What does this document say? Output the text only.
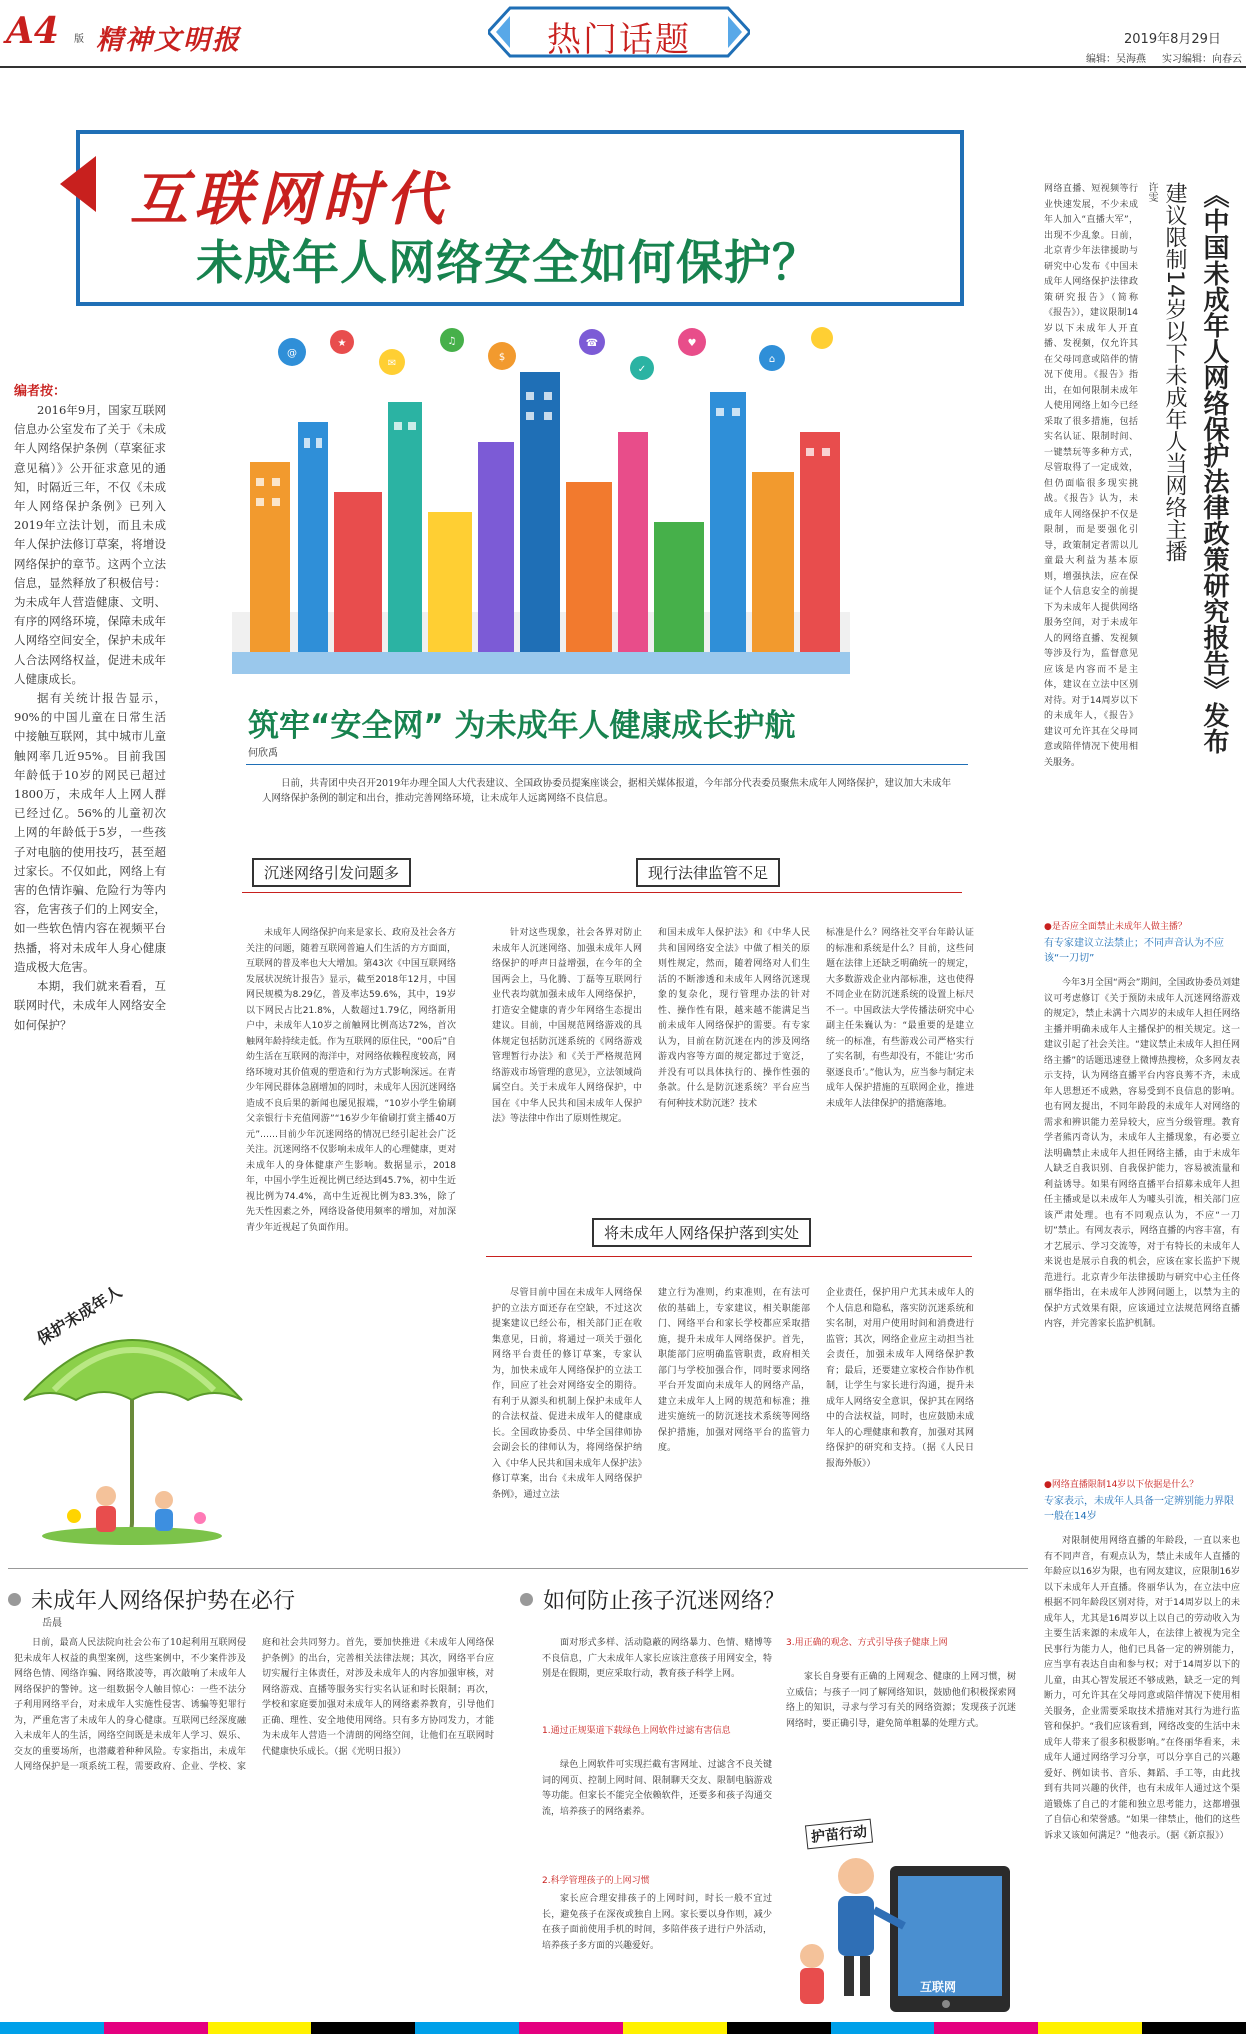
A4 版 精神文明报	热门话题	2019年8月29日
编辑：吴海燕 实习编辑：向春云
互联网时代
未成年人网络安全如何保护？
编者按：
2016年9月，国家互联网信息办公室发布了关于《未成年人网络保护条例（草案征求意见稿）》公开征求意见的通知，时隔近三年，不仅《未成年人网络保护条例》已列入2019年立法计划，而且未成年人保护法修订草案，将增设网络保护的章节。这两个立法信息，显然释放了积极信号：为未成年人营造健康、文明、有序的网络环境，保障未成年人网络空间安全，保护未成年人合法网络权益，促进未成年人健康成长。
据有关统计报告显示，90%的中国儿童在日常生活中接触互联网，其中城市儿童触网率几近95%。目前我国年龄低于10岁的网民已超过1800万，未成年人上网人群已经过亿。56%的儿童初次上网的年龄低于5岁，一些孩子对电脑的使用技巧，甚至超过家长。不仅如此，网络上有害的色情诈骗、危险行为等内容，危害孩子们的上网安全，如一些软色情内容在视频平台热播，将对未成年人身心健康造成极大危害。
本期，我们就来看看，互联网时代，未成年人网络安全如何保护？
保护未成年人
@
★
✉
♫
$
☎
✓
♥
⌂
筑牢“安全网” 为未成年人健康成长护航
何欣禹
日前，共青团中央召开2019年办理全国人大代表建议、全国政协委员提案座谈会，据相关媒体报道，今年部分代表委员聚焦未成年人网络保护，建议加大未成年人网络保护条例的制定和出台，推动完善网络环境，让未成年人远离网络不良信息。
沉迷网络引发问题多	现行法律监管不足
未成年人网络保护向来是家长、政府及社会各方关注的问题，随着互联网普遍人们生活的方方面面，互联网的普及率也大大增加。第43次《中国互联网络发展状况统计报告》显示，截至2018年12月，中国网民规模为8.29亿，普及率达59.6%，其中，19岁以下网民占比21.8%，人数超过1.79亿，网络新用户中，未成年人10岁之前触网比例高达72%，首次触网年龄持续走低。作为互联网的原住民，“00后”自幼生活在互联网的海洋中，对网络依赖程度较高，网络环境对其价值观的塑造和行为方式影响深远。在青少年网民群体急剧增加的同时，未成年人因沉迷网络造成不良后果的新闻也屡见报端，“10岁小学生偷刷父亲银行卡充值网游”“16岁少年偷刷打赏主播40万元”……目前少年沉迷网络的情况已经引起社会广泛关注。沉迷网络不仅影响未成年人的心理健康，更对未成年人的身体健康产生影响。数据显示，2018年，中国小学生近视比例已经达到45.7%，初中生近视比例为74.4%，高中生近视比例为83.3%，除了先天性因素之外，网络设备使用频率的增加，对加深青少年近视起了负面作用。
针对这些现象，社会各界对防止未成年人沉迷网络、加强未成年人网络保护的呼声日益增强，在今年的全国两会上，马化腾、丁磊等互联网行业代表均就加强未成年人网络保护，打造安全健康的青少年网络生态提出建议。目前，中国规范网络游戏的具体规定包括防沉迷系统的《网络游戏管理暂行办法》和《关于严格规范网络游戏市场管理的意见》，立法领域尚属空白。关于未成年人网络保护，中国在《中华人民共和国未成年人保护法》等法律中作出了原则性规定。
和国未成年人保护法》和《中华人民共和国网络安全法》中做了相关的原则性规定，然而，随着网络对人们生活的不断渗透和未成年人网络沉迷现象的复杂化，现行管理办法的针对性、操作性有限，越来越不能满足当前未成年人网络保护的需要。有专家认为，目前在防沉迷在内的涉及网络游戏内容等方面的规定都过于宽泛，并没有可以具体执行的、操作性强的条款。什么是防沉迷系统？平台应当有何种技术防沉迷？技术
标准是什么？网络社交平台年龄认证的标准和系统是什么？目前，这些问题在法律上还缺乏明确统一的规定，大多数游戏企业内部标准，这也使得不同企业在防沉迷系统的设置上标尺不一。中国政法大学传播法研究中心副主任朱巍认为：“最重要的是建立统一的标准，有些游戏公司严格实行了实名制，有些却没有，不能让‘劣币驱逐良币’。”他认为，应当参与制定未成年人保护措施的互联网企业，推进未成年人法律保护的措施落地。
将未成年人网络保护落到实处
尽管目前中国在未成年人网络保护的立法方面还存在空缺，不过这次提案建议已经公布，相关部门正在收集意见，日前，将通过一项关于强化网络平台责任的修订草案，专家认为，加快未成年人网络保护的立法工作，回应了社会对网络安全的期待。有利于从源头和机制上保护未成年人的合法权益、促进未成年人的健康成长。全国政协委员、中华全国律师协会副会长的律师认为，将网络保护纳入《中华人民共和国未成年人保护法》修订草案，出台《未成年人网络保护条例》，通过立法
建立行为准则，约束准则，在有法可依的基础上，专家建议，相关职能部门、网络平台和家长学校都应采取措施，提升未成年人网络保护。首先，职能部门应明确监管职责，政府相关部门与学校加强合作，同时要求网络平台开发面向未成年人的网络产品，建立未成年人上网的规范和标准；推进实施统一的防沉迷技术系统等网络保护措施，加强对网络平台的监管力度。
企业责任，保护用户尤其未成年人的个人信息和隐私，落实防沉迷系统和实名制，对用户使用时间和消费进行监管；其次，网络企业应主动担当社会责任，加强未成年人网络保护教育；最后，还要建立家校合作协作机制，让学生与家长进行沟通，提升未成年人网络安全意识，保护其在网络中的合法权益，同时，也应鼓励未成年人的心理健康和教育，加强对其网络保护的研究和支持。（据《人民日报海外版》）
《中国未成年人网络保护法律政策研究报告》发布
建议限制14岁以下未成年人当网络主播
许雯
网络直播、短视频等行业快速发展，不少未成年人加入“直播大军”，出现不少乱象。日前，北京青少年法律援助与研究中心发布《中国未成年人网络保护法律政策研究报告》（简称《报告》），建议限制14岁以下未成年人开直播、发视频，仅允许其在父母同意或陪伴的情况下使用。《报告》指出，在如何限制未成年人使用网络上如今已经采取了很多措施，包括实名认证、限制时间、一键禁玩等多种方式，尽管取得了一定成效，但仍面临很多现实挑战。《报告》认为，未成年人网络保护不仅是限制，而是要强化引导，政策制定者需以儿童最大利益为基本原则，增强执法，应在保证个人信息安全的前提下为未成年人提供网络服务空间，对于未成年人的网络直播、发视频等涉及行为，监督意见应该是内容而不是主体，建议在立法中区别对待。对于14周岁以下的未成年人，《报告》建议可允许其在父母同意或陪伴情况下使用相关服务。
●是否应全面禁止未成年人做主播？
有专家建议立法禁止；不同声音认为不应该“一刀切”
今年3月全国“两会”期间，全国政协委员刘建议可考虑修订《关于预防未成年人沉迷网络游戏的规定》，禁止未满十六周岁的未成年人担任网络主播并明确未成年人主播保护的相关规定。这一建议引起了社会关注。“建议禁止未成年人担任网络主播”的话题迅速登上微博热搜榜，众多网友表示支持，认为网络直播平台内容良莠不齐，未成年人思想还不成熟，容易受到不良信息的影响。也有网友提出，不同年龄段的未成年人对网络的需求和辨识能力差异较大，应当分级管理。教育学者熊丙奇认为，未成年人主播现象，有必要立法明确禁止未成年人担任网络主播，由于未成年人缺乏自我识别、自我保护能力，容易被流量和利益诱导。如果有网络直播平台招募未成年人担任主播或是以未成年人为噱头引流，相关部门应该严肃处理。也有不同观点认为，不应“一刀切”禁止。有网友表示，网络直播的内容丰富，有才艺展示、学习交流等，对于有特长的未成年人来说也是展示自我的机会，应该在家长监护下规范进行。北京青少年法律援助与研究中心主任佟丽华指出，在未成年人涉网问题上，以禁为主的保护方式效果有限，应该通过立法规范网络直播内容，并完善家长监护机制。
●网络直播限制14岁以下依据是什么？
专家表示，未成年人具备一定辨别能力界限一般在14岁
对限制使用网络直播的年龄段，一直以来也有不同声音，有观点认为，禁止未成年人直播的年龄应以16岁为限，也有网友建议，应限制16岁以下未成年人开直播。佟丽华认为，在立法中应根据不同年龄段区别对待，对于14周岁以上的未成年人，尤其是16周岁以上以自己的劳动收入为主要生活来源的未成年人，在法律上被视为完全民事行为能力人，他们已具备一定的辨别能力，应当享有表达自由和参与权；对于14周岁以下的儿童，由其心智发展还不够成熟，缺乏一定的判断力，可允许其在父母同意或陪伴情况下使用相关服务，企业需要采取技术措施对其行为进行监管和保护。“我们应该看到，网络改变的生活中未成年人带来了很多积极影响。”在佟丽华看来，未成年人通过网络学习分享，可以分享自己的兴趣爱好、例如读书、音乐、舞蹈、手工等，由此找到有共同兴趣的伙伴，也有未成年人通过这个渠道锻炼了自己的才能和独立思考能力，这都增强了自信心和荣誉感。“如果一律禁止，他们的这些诉求又该如何满足？”他表示。（据《新京报》）
未成年人网络保护势在必行
岳晨
日前，最高人民法院向社会公布了10起利用互联网侵犯未成年人权益的典型案例，这些案例中，不少案件涉及网络色情、网络诈骗、网络欺凌等，再次敲响了未成年人网络保护的警钟。这一组数据令人触目惊心：一些不法分子利用网络平台，对未成年人实施性侵害、诱骗等犯罪行为，严重危害了未成年人的身心健康。互联网已经深度融入未成年人的生活，网络空间既是未成年人学习、娱乐、交友的重要场所，也潜藏着种种风险。专家指出，未成年人网络保护是一项系统工程，需要政府、企业、学校、家庭和社会共同努力。首先，要加快推进《未成年人网络保护条例》的出台，完善相关法律法规；其次，网络平台应切实履行主体责任，对涉及未成年人的内容加强审核，对网络游戏、直播等服务实行实名认证和时长限制；再次，学校和家庭要加强对未成年人的网络素养教育，引导他们正确、理性、安全地使用网络。只有多方协同发力，才能为未成年人营造一个清朗的网络空间，让他们在互联网时代健康快乐成长。（据《光明日报》）
如何防止孩子沉迷网络？
面对形式多样、活动隐蔽的网络暴力、色情、赌博等不良信息，广大未成年人家长应该注意孩子用网安全，特别是在假期，更应采取行动，教育孩子科学上网。
1.通过正规渠道下载绿色上网软件过滤有害信息
绿色上网软件可实现拦截有害网址、过滤含不良关键词的网页、控制上网时间、限制聊天交友、限制电脑游戏等功能。但家长不能完全依赖软件，还要多和孩子沟通交流，培养孩子的网络素养。
2.科学管理孩子的上网习惯
家长应合理安排孩子的上网时间，时长一般不宜过长，避免孩子在深夜或独自上网。家长要以身作则，减少在孩子面前使用手机的时间，多陪伴孩子进行户外活动，培养孩子多方面的兴趣爱好。
3.用正确的观念、方式引导孩子健康上网
家长自身要有正确的上网观念、健康的上网习惯，树立威信；与孩子一同了解网络知识，鼓励他们积极探索网络上的知识，寻求与学习有关的网络资源；发现孩子沉迷网络时，要正确引导，避免简单粗暴的处理方式。
护苗行动
互联网
